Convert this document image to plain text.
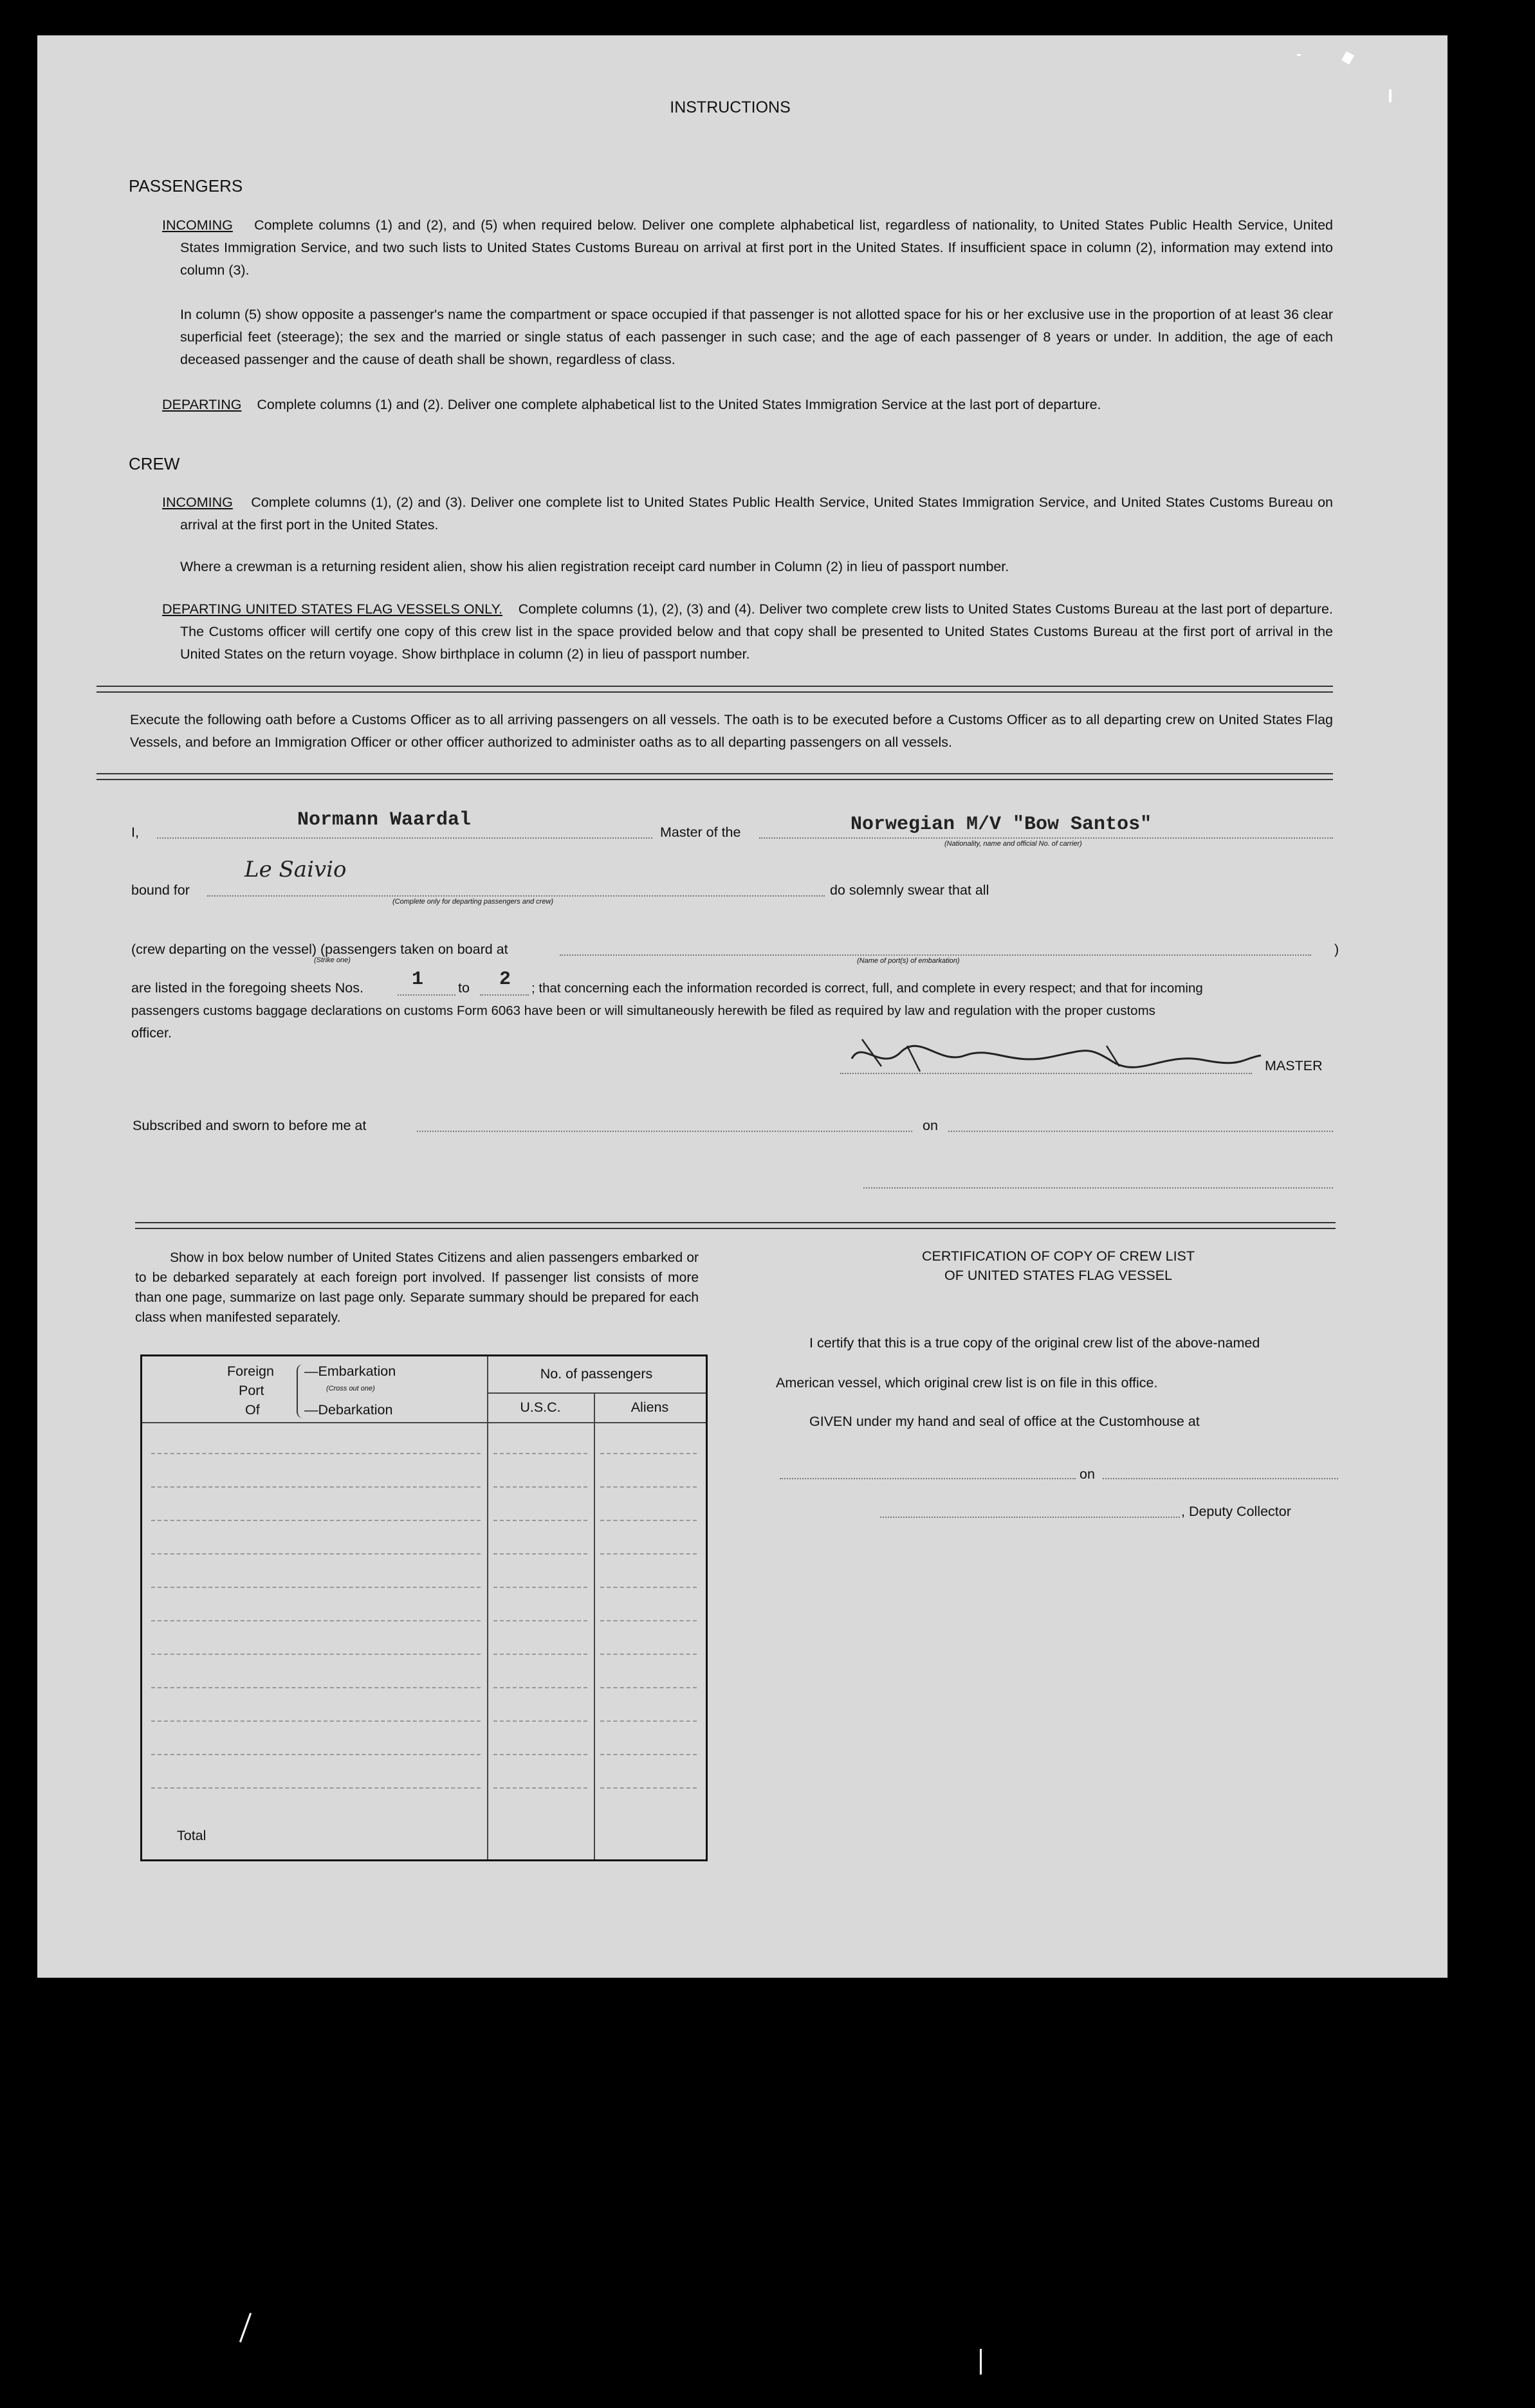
INSTRUCTIONS
PASSENGERS
INCOMING Complete columns (1) and (2), and (5) when required below. Deliver one complete alphabetical list, regardless of nationality, to United States Public Health Service, United States Immigration Service, and two such lists to United States Customs Bureau on arrival at first port in the United States. If insufficient space in column (2), information may extend into column (3).
In column (5) show opposite a passenger's name the compartment or space occupied if that passenger is not allotted space for his or her exclusive use in the proportion of at least 36 clear superficial feet (steerage); the sex and the married or single status of each passenger in such case; and the age of each passenger of 8 years or under. In addition, the age of each deceased passenger and the cause of death shall be shown, regardless of class.
DEPARTING Complete columns (1) and (2). Deliver one complete alphabetical list to the United States Immigration Service at the last port of departure.
CREW
INCOMING Complete columns (1), (2) and (3). Deliver one complete list to United States Public Health Service, United States Immigration Service, and United States Customs Bureau on arrival at the first port in the United States.
Where a crewman is a returning resident alien, show his alien registration receipt card number in Column (2) in lieu of passport number.
DEPARTING UNITED STATES FLAG VESSELS ONLY. Complete columns (1), (2), (3) and (4). Deliver two complete crew lists to United States Customs Bureau at the last port of departure. The Customs officer will certify one copy of this crew list in the space provided below and that copy shall be presented to United States Customs Bureau at the first port of arrival in the United States on the return voyage. Show birthplace in column (2) in lieu of passport number.
Execute the following oath before a Customs Officer as to all arriving passengers on all vessels. The oath is to be executed before a Customs Officer as to all departing crew on United States Flag Vessels, and before an Immigration Officer or other officer authorized to administer oaths as to all departing passengers on all vessels.
I,
Normann Waardal
Master of the	Norwegian M/V "Bow Santos"
(Nationality, name and official No. of carrier)
bound for
Le Saivio
(Complete only for departing passengers and crew)
do solemnly swear that all
(crew departing on the vessel) (passengers taken on board at
(Strike one)	(Name of port(s) of embarkation)
)
are listed in the foregoing sheets Nos.	1	to 2 ; that concerning each the information recorded is correct, full, and complete in every respect; and that for incoming
passengers customs baggage declarations on customs Form 6063 have been or will simultaneously herewith be filed as required by law and regulation with the proper customs
officer.
MASTER
Subscribed and sworn to before me at	on
Show in box below number of United States Citizens and alien passengers embarked or to be debarked separately at each foreign port involved. If passenger list consists of more than one page, summarize on last page only. Separate summary should be prepared for each class when manifested separately.
Foreign
Port
Of
—Embarkation
(Cross out one)
—Debarkation
No. of passengers
U.S.C.	Aliens
Total
CERTIFICATION OF COPY OF CREW LIST
OF UNITED STATES FLAG VESSEL
I certify that this is a true copy of the original crew list of the above-named
American vessel, which original crew list is on file in this office.
GIVEN under my hand and seal of office at the Customhouse at
on
, Deputy Collector
